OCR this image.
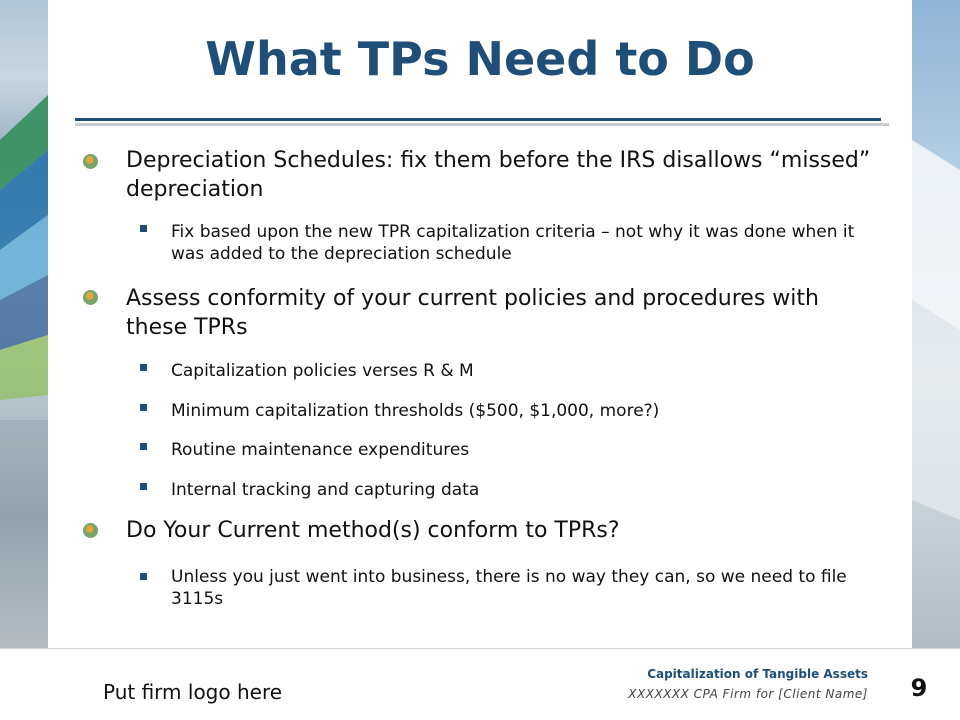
What TPs Need to Do
Depreciation Schedules: fix them before the IRS disallows “missed” depreciation
Fix based upon the new TPR capitalization criteria – not why it was done when it was added to the depreciation schedule
Assess conformity of your current policies and procedures with these TPRs
Capitalization policies verses R & M
Minimum capitalization thresholds ($500, $1,000, more?)
Routine maintenance expenditures
Internal tracking and capturing data
Do Your Current method(s) conform to TPRs?
Unless you just went into business, there is no way they can, so we need to file 3115s
Put firm logo here
Capitalization of Tangible Assets
XXXXXXX CPA Firm for [Client Name] 9
